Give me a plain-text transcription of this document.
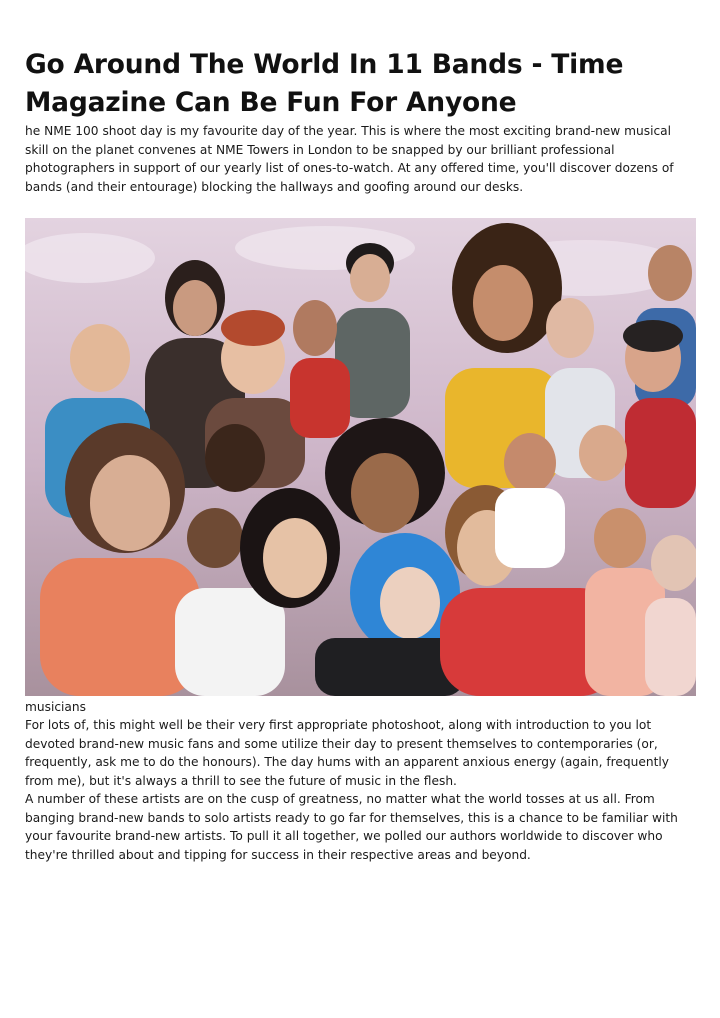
Go Around The World In 11 Bands - Time Magazine Can Be Fun For Anyone

he NME 100 shoot day is my favourite day of the year. This is where the most exciting brand-new musical skill on the planet convenes at NME Towers in London to be snapped by our brilliant professional photographers in support of our yearly list of ones-to-watch. At any offered time, you'll discover dozens of bands (and their entourage) blocking the hallways and goofing around our desks.

musicians

For lots of, this might well be their very first appropriate photoshoot, along with introduction to you lot devoted brand-new music fans and some utilize their day to present themselves to contemporaries (or, frequently, ask me to do the honours). The day hums with an apparent anxious energy (again, frequently from me), but it's always a thrill to see the future of music in the flesh.

A number of these artists are on the cusp of greatness, no matter what the world tosses at us all. From banging brand-new bands to solo artists ready to go far for themselves, this is a chance to be familiar with your favourite brand-new artists. To pull it all together, we polled our authors worldwide to discover who they're thrilled about and tipping for success in their respective areas and beyond.
